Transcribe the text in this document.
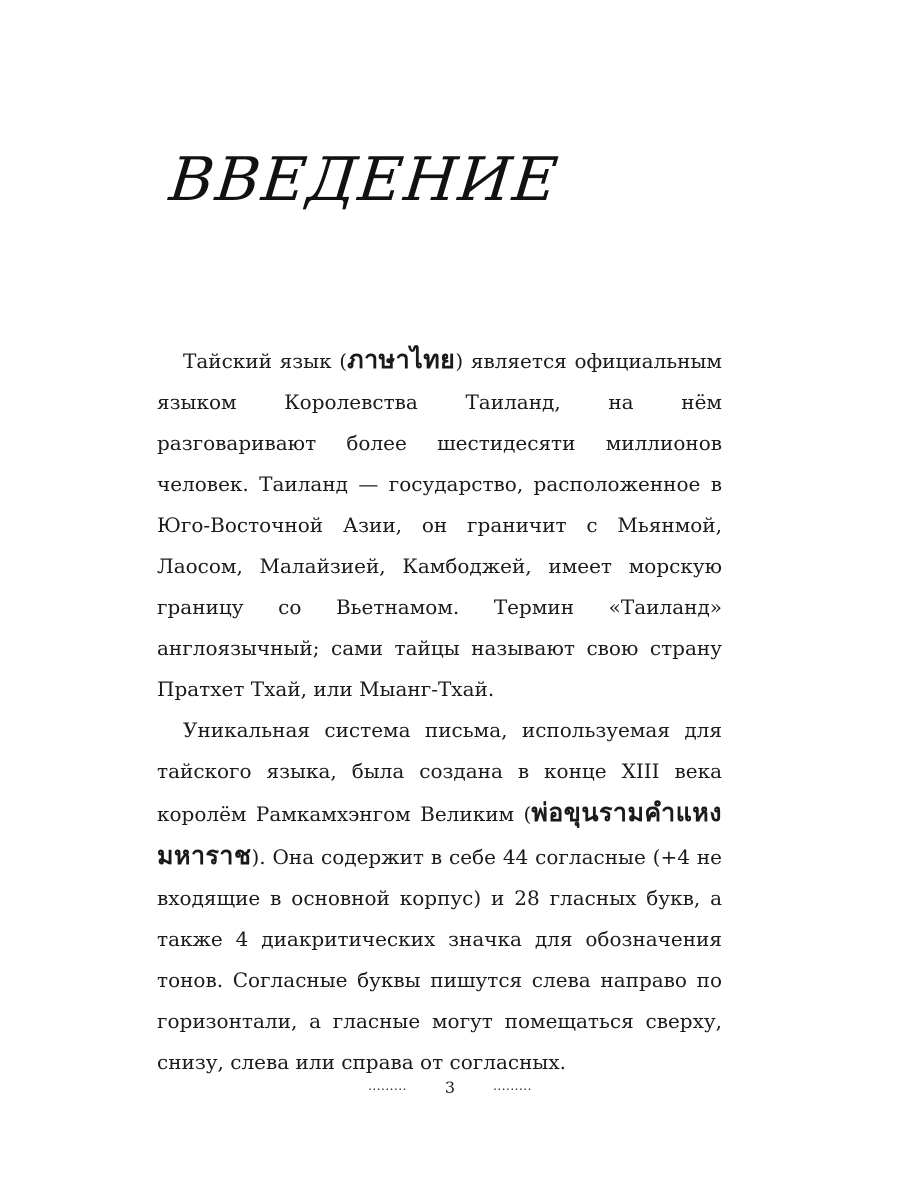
ВВЕДЕНИЕ

Тайский язык (ภาษาไทย) является официальным языком Королевства Таиланд, на нём разговаривают более шестидесяти миллионов человек. Таиланд — государство, расположенное в Юго-Восточной Азии, он граничит с Мьянмой, Лаосом, Малайзией, Камбоджей, имеет морскую границу со Вьетнамом. Термин «Таиланд» англоязычный; сами тайцы называют свою страну Пратхет Тхай, или Мыанг-Тхай.

Уникальная система письма, используемая для тайского языка, была создана в конце XIII века королём Рамкамхэнгом Великим (พ่อขุนรามคำแหงมหาราช). Она содержит в себе 44 согласные (+4 не входящие в основной корпус) и 28 гласных букв, а также 4 диакритических значка для обозначения тонов. Согласные буквы пишутся слева направо по горизонтали, а гласные могут помещаться сверху, снизу, слева или справа от согласных.

......... 3	.........
